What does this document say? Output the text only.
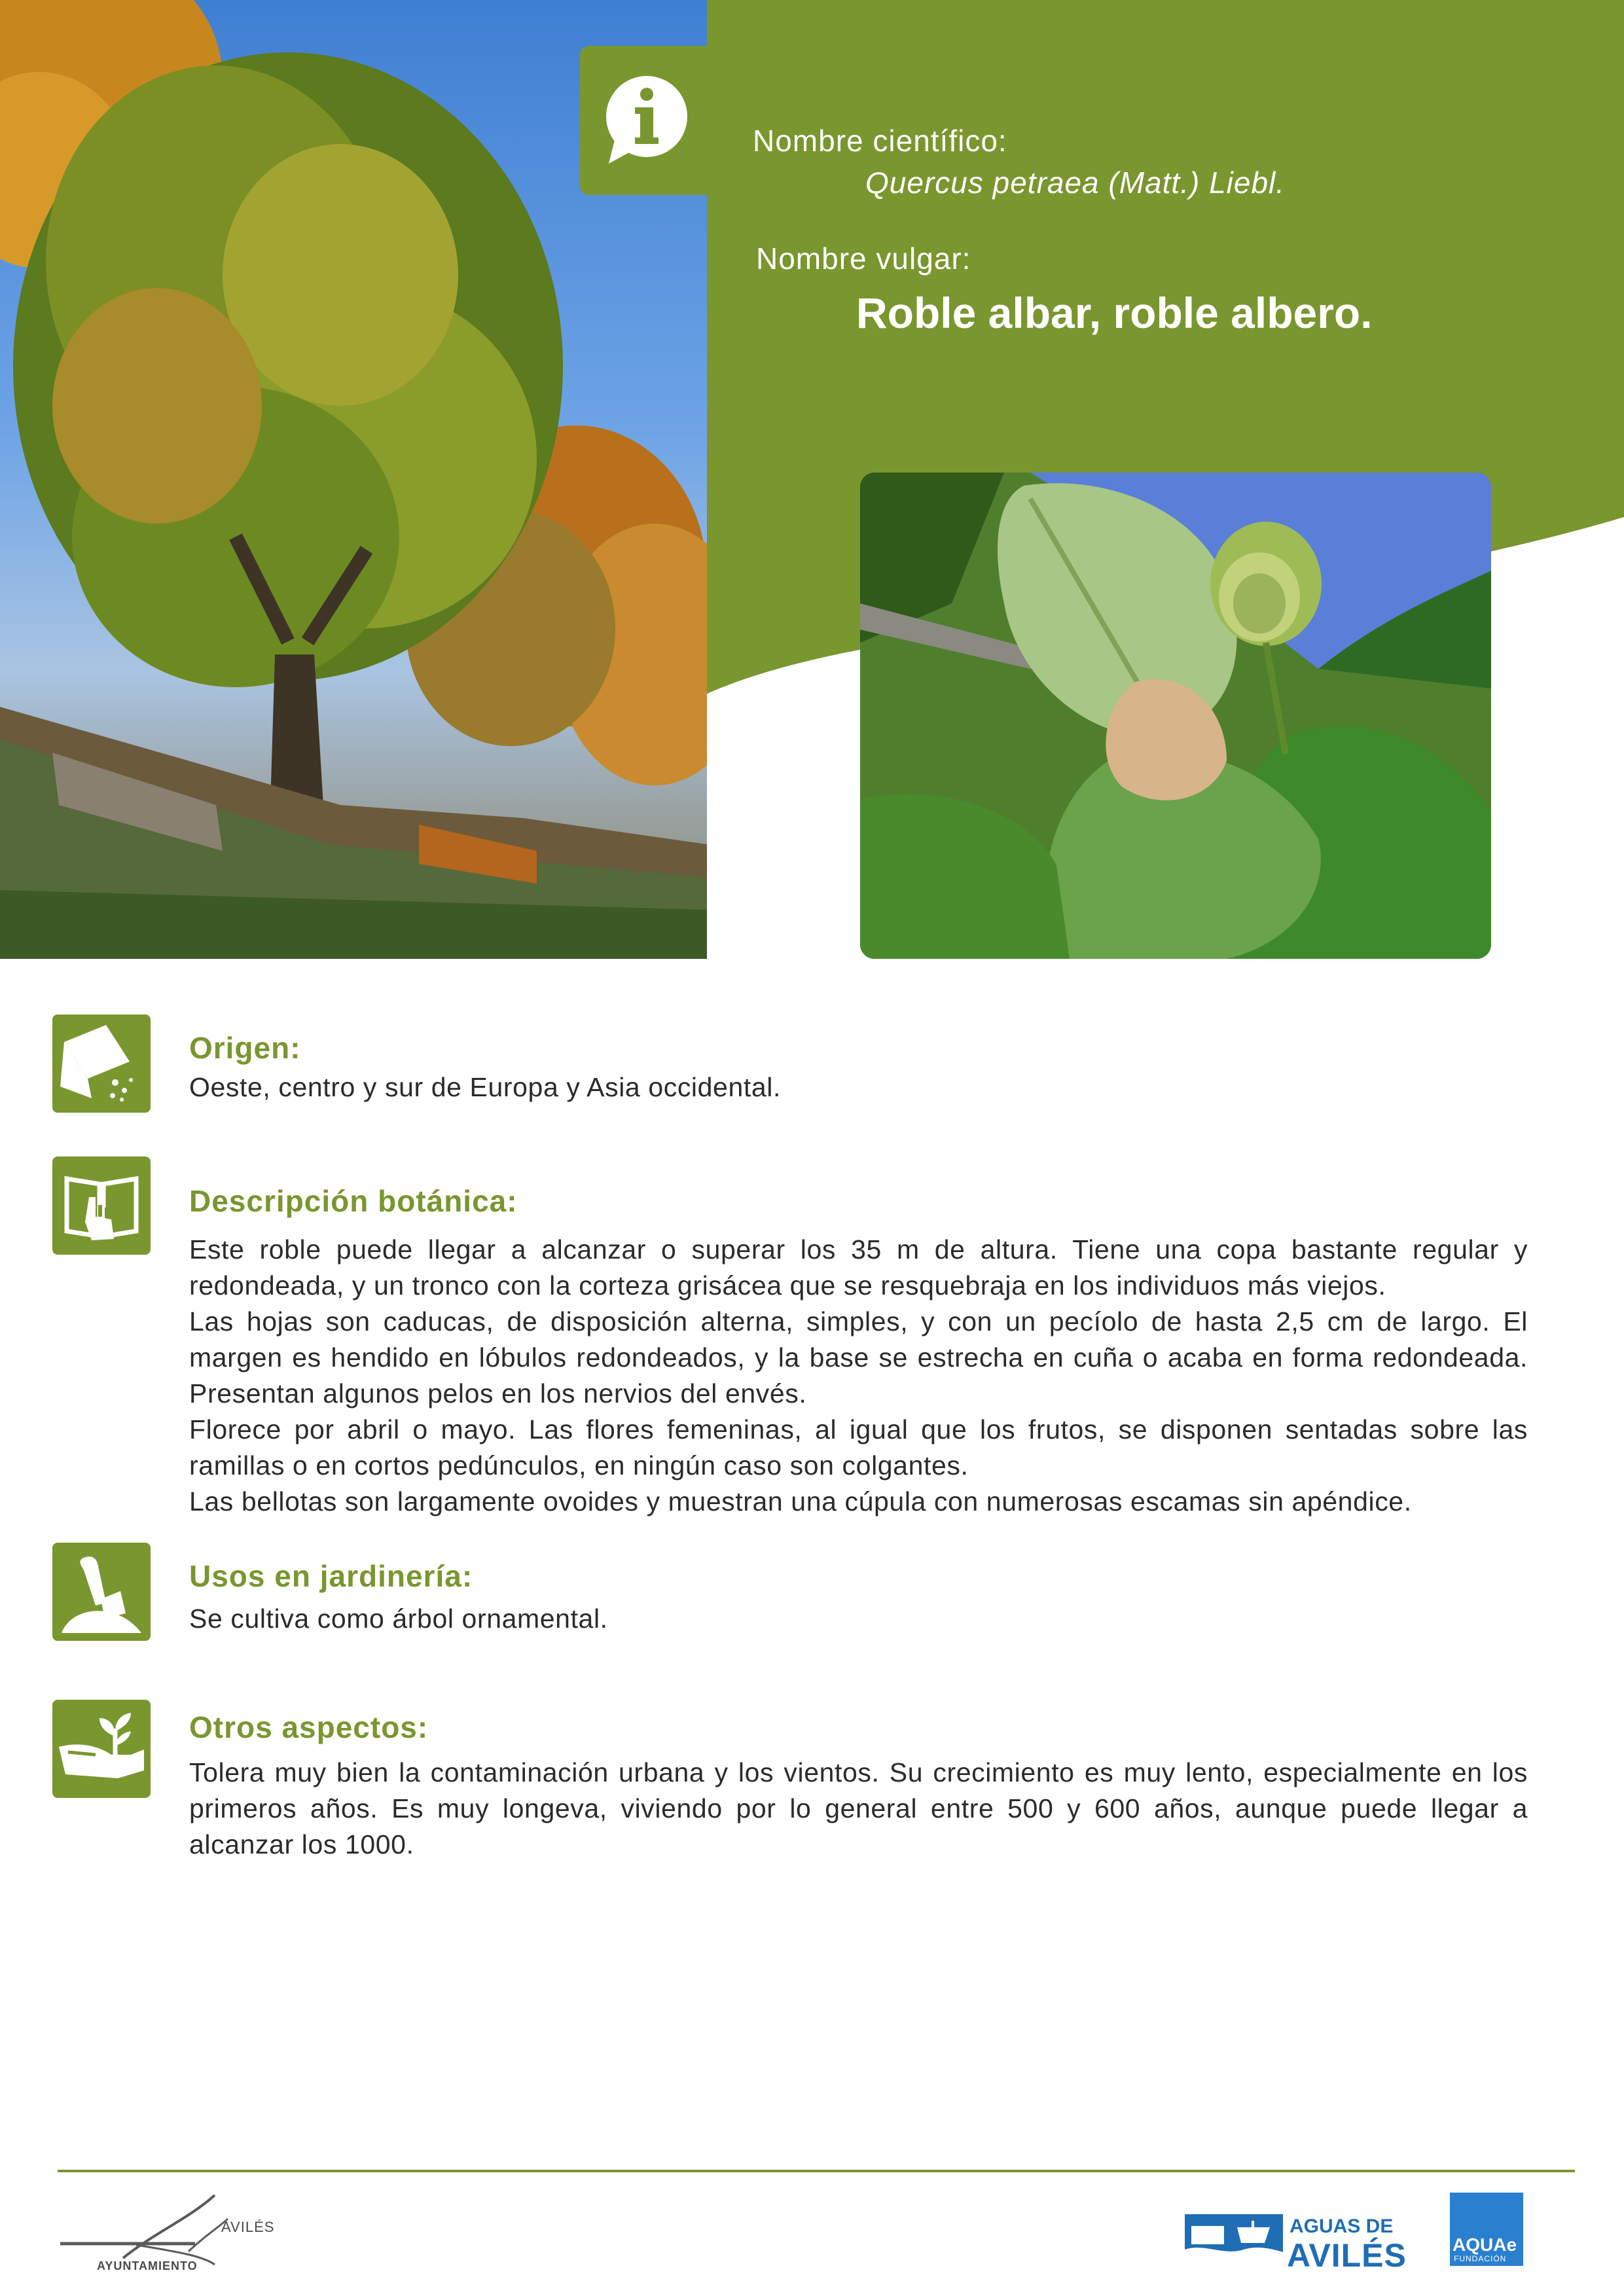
Nombre científico:
Quercus petraea (Matt.) Liebl.
Nombre vulgar:
Roble albar, roble albero.
Origen:

Oeste, centro y sur de Europa y Asia occidental.

Descripción botánica:

Este roble puede llegar a alcanzar o superar los 35 m de altura. Tiene una copa bastante regular y redondeada, y un tronco con la corteza grisácea que se resquebraja en los individuos más viejos.

Las hojas son caducas, de disposición alterna, simples, y con un pecíolo de hasta 2,5 cm de largo. El margen es hendido en lóbulos redondeados, y la base se estrecha en cuña o acaba en forma redondeada. Presentan algunos pelos en los nervios del envés.

Florece por abril o mayo. Las flores femeninas, al igual que los frutos, se disponen sentadas sobre las ramillas o en cortos pedúnculos, en ningún caso son colgantes.

Las bellotas son largamente ovoides y muestran una cúpula con numerosas escamas sin apéndice.

Usos en jardinería:

Se cultiva como árbol ornamental.

Otros aspectos:

Tolera muy bien la contaminación urbana y los vientos. Su crecimiento es muy lento, especialmente en los primeros años. Es muy longeva, viviendo por lo general entre 500 y 600 años, aunque puede llegar a alcanzar los 1000.

AVILÉS
AYUNTAMIENTO
AGUAS DE
AVILÉS	AQUAe
FUNDACIÓN
